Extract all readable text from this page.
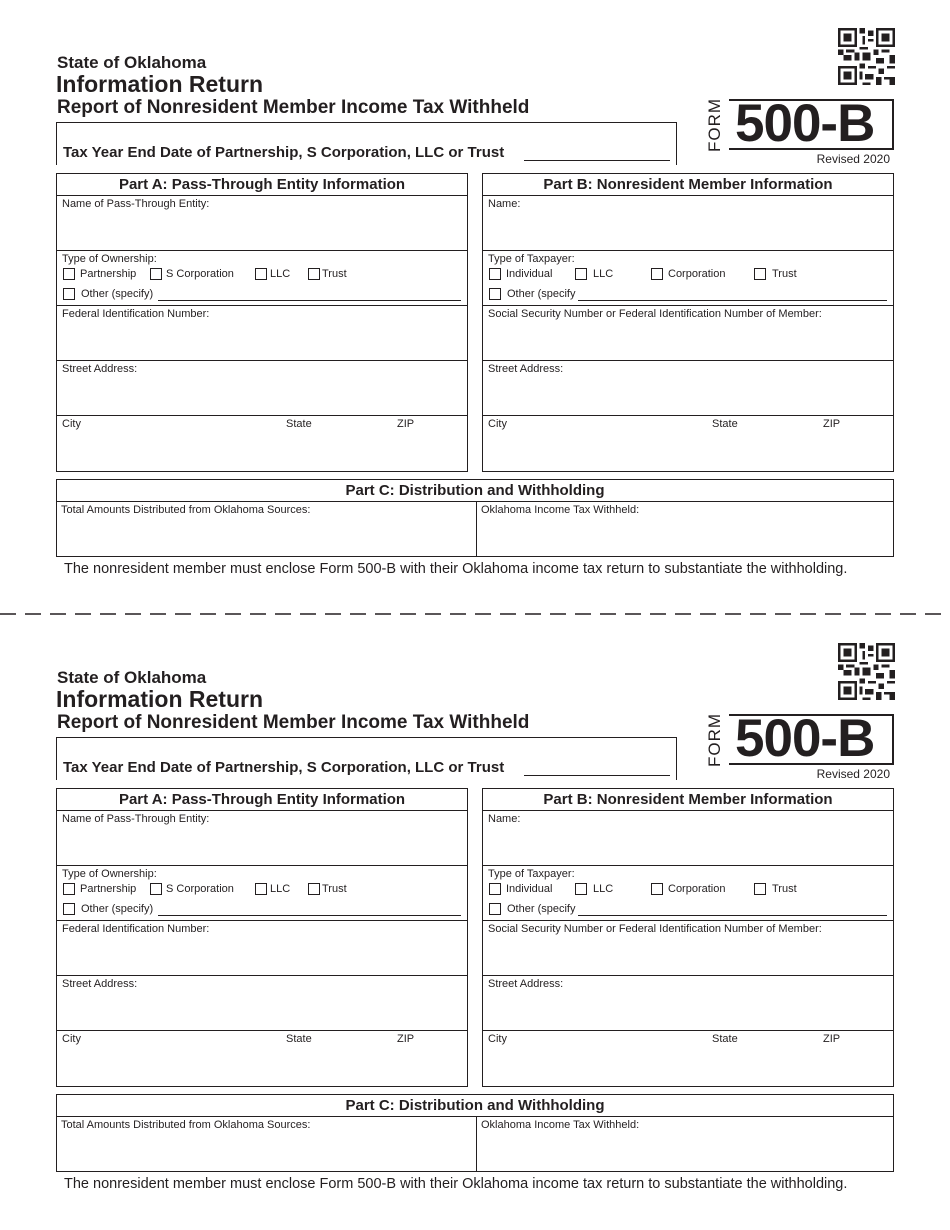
State of Oklahoma
Information Return
Report of Nonresident Member Income Tax Withheld
Tax Year End Date of Partnership, S Corporation, LLC or Trust
FORM 500-B
Revised 2020
Part A: Pass-Through Entity Information
Name of Pass-Through Entity:
Type of Ownership:
Partnership	S Corporation	LLC	Trust
Other (specify)
Federal Identification Number:
Street Address:
City	State	ZIP
Part B: Nonresident Member Information
Name:
Type of Taxpayer:
Individual	LLC	Corporation	Trust
Other (specify
Social Security Number or Federal Identification Number of Member:
Street Address:
City	State	ZIP
Part C: Distribution and Withholding
Total Amounts Distributed from Oklahoma Sources:	Oklahoma Income Tax Withheld:
The nonresident member must enclose Form 500-B with their Oklahoma income tax return to substantiate the withholding.
State of Oklahoma
Information Return
Report of Nonresident Member Income Tax Withheld
Tax Year End Date of Partnership, S Corporation, LLC or Trust
FORM 500-B
Revised 2020
Part A: Pass-Through Entity Information
Name of Pass-Through Entity:
Type of Ownership:
Partnership	S Corporation	LLC	Trust
Other (specify)
Federal Identification Number:
Street Address:
City	State	ZIP
Part B: Nonresident Member Information
Name:
Type of Taxpayer:
Individual	LLC	Corporation	Trust
Other (specify
Social Security Number or Federal Identification Number of Member:
Street Address:
City	State	ZIP
Part C: Distribution and Withholding
Total Amounts Distributed from Oklahoma Sources:	Oklahoma Income Tax Withheld:
The nonresident member must enclose Form 500-B with their Oklahoma income tax return to substantiate the withholding.
